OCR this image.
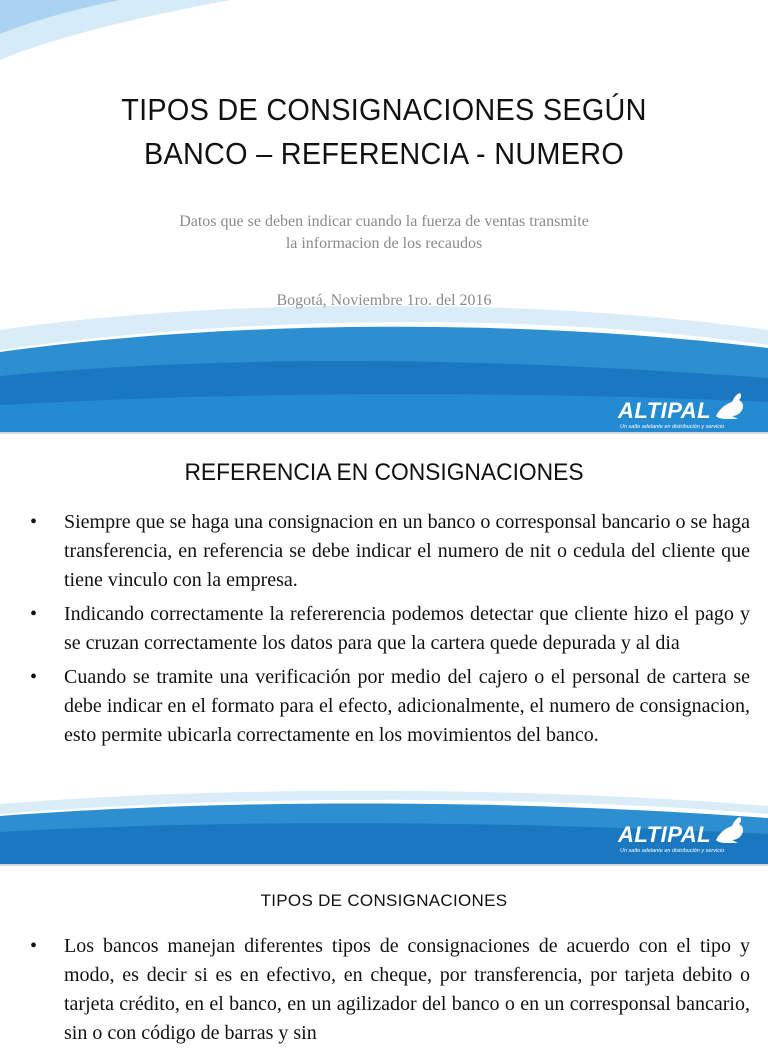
TIPOS DE CONSIGNACIONES SEGÚN
BANCO – REFERENCIA - NUMERO
Datos que se deben indicar cuando la fuerza de ventas transmite
la informacion de los recaudos
Bogotá, Noviembre 1ro. del 2016
ALTIPAL
Un salto adelante en distribución y servicio
REFERENCIA EN CONSIGNACIONES
• Siempre que se haga una consignacion en un banco o corresponsal bancario o se haga transferencia, en referencia se debe indicar el numero de nit o cedula del cliente que tiene vinculo con la empresa.
• Indicando correctamente la refererencia podemos detectar que cliente hizo el pago y se cruzan correctamente los datos para que la cartera quede depurada y al dia
• Cuando se tramite una verificación por medio del cajero o el personal de cartera se debe indicar en el formato para el efecto, adicionalmente, el numero de consignacion, esto permite ubicarla correctamente en los movimientos del banco.
ALTIPAL
Un salto adelante en distribución y servicio
TIPOS DE CONSIGNACIONES
• Los bancos manejan diferentes tipos de consignaciones de acuerdo con el tipo y modo, es decir si es en efectivo, en cheque, por transferencia, por tarjeta debito o tarjeta crédito, en el banco, en un agilizador del banco o en un corresponsal bancario, sin o con código de barras y sin
